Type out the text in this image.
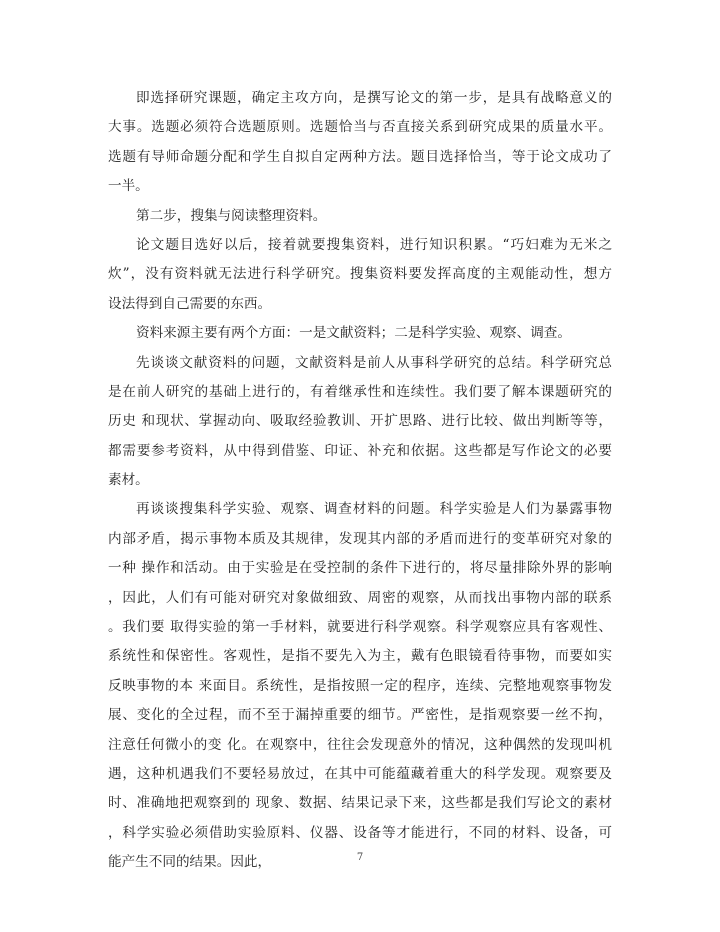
即选择研究课题，确定主攻方向，是撰写论文的第一步，是具有战略意义的
大事。选题必须符合选题原则。选题恰当与否直接关系到研究成果的质量水平。
选题有导师命题分配和学生自拟自定两种方法。题目选择恰当，等于论文成功了
一半。
第二步，搜集与阅读整理资料。
论文题目选好以后，接着就要搜集资料，进行知识积累。“巧妇难为无米之
炊”，没有资料就无法进行科学研究。搜集资料要发挥高度的主观能动性，想方
设法得到自己需要的东西。
资料来源主要有两个方面：一是文献资料；二是科学实验、观察、调查。
先谈谈文献资料的问题，文献资料是前人从事科学研究的总结。科学研究总
是在前人研究的基础上进行的，有着继承性和连续性。我们要了解本课题研究的
历史 和现状、掌握动向、吸取经验教训、开扩思路、进行比较、做出判断等等，
都需要参考资料，从中得到借鉴、印证、补充和依据。这些都是写作论文的必要
素材。
再谈谈搜集科学实验、观察、调查材料的问题。科学实验是人们为暴露事物
内部矛盾，揭示事物本质及其规律，发现其内部的矛盾而进行的变革研究对象的
一种 操作和活动。由于实验是在受控制的条件下进行的，将尽量排除外界的影响
，因此，人们有可能对研究对象做细致、周密的观察，从而找出事物内部的联系
。我们要 取得实验的第一手材料，就要进行科学观察。科学观察应具有客观性、
系统性和保密性。客观性，是指不要先入为主，戴有色眼镜看待事物，而要如实
反映事物的本 来面目。系统性，是指按照一定的程序，连续、完整地观察事物发
展、变化的全过程，而不至于漏掉重要的细节。严密性，是指观察要一丝不拘，
注意任何微小的变 化。在观察中，往往会发现意外的情况，这种偶然的发现叫机
遇，这种机遇我们不要轻易放过，在其中可能蕴藏着重大的科学发现。观察要及
时、准确地把观察到的 现象、数据、结果记录下来，这些都是我们写论文的素材
，科学实验必须借助实验原料、仪器、设备等才能进行，不同的材料、设备，可
能产生不同的结果。因此，	7
